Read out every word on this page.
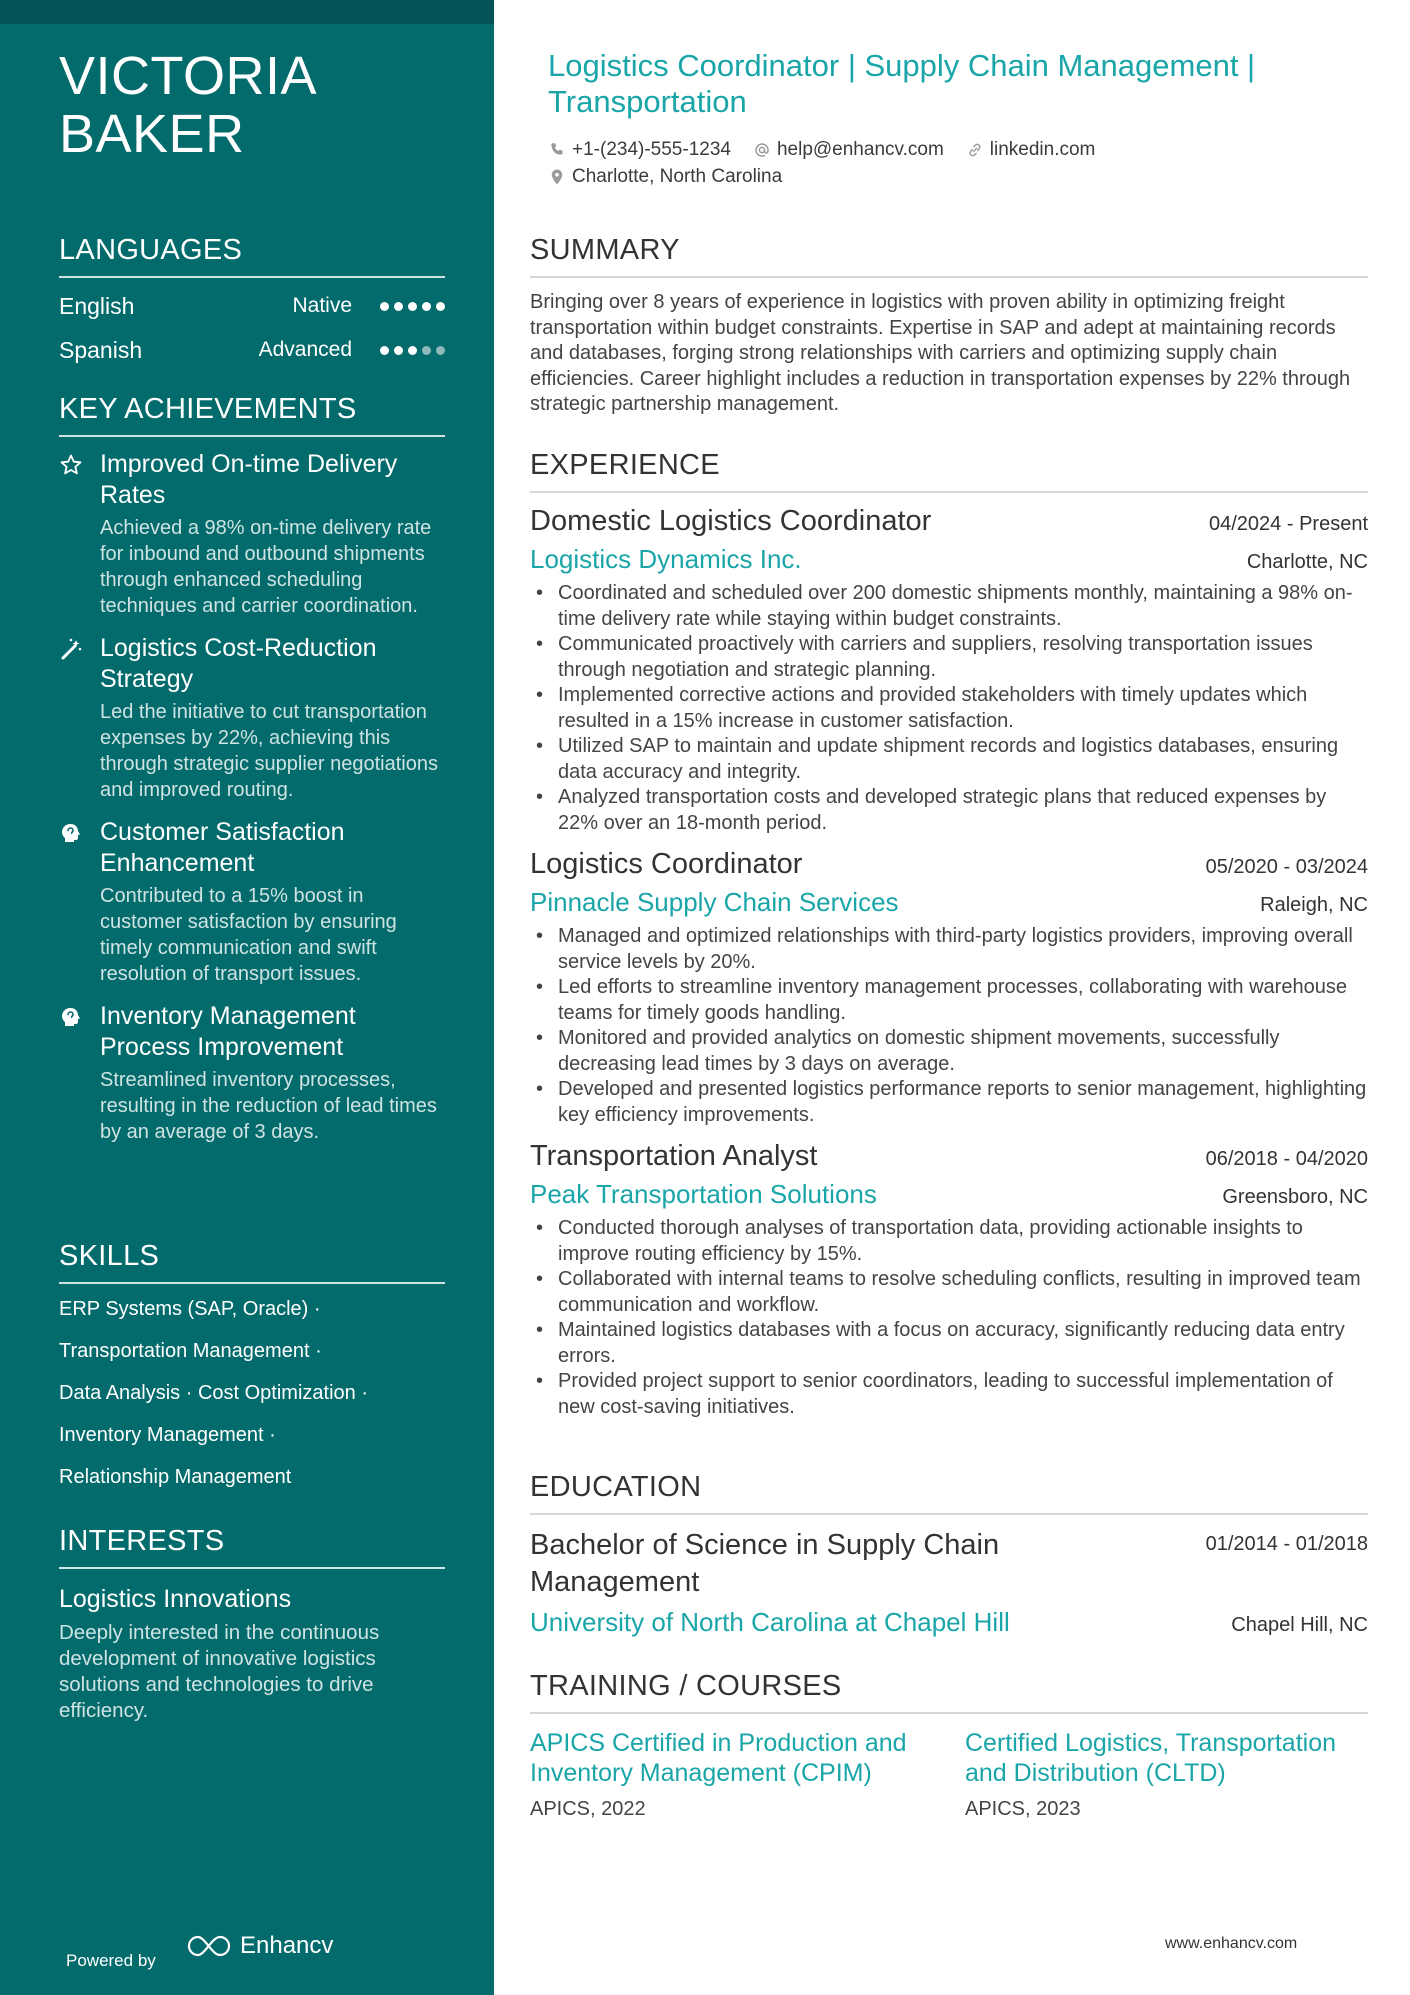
VICTORIA
BAKER
LANGUAGES
English	Native
Spanish	Advanced
KEY ACHIEVEMENTS
Improved On-time Delivery Rates
Achieved a 98% on-time delivery rate for inbound and outbound shipments through enhanced scheduling techniques and carrier coordination.
Logistics Cost-Reduction Strategy
Led the initiative to cut transportation expenses by 22%, achieving this through strategic supplier negotiations and improved routing.
Customer Satisfaction Enhancement
Contributed to a 15% boost in customer satisfaction by ensuring timely communication and swift resolution of transport issues.
Inventory Management Process Improvement
Streamlined inventory processes, resulting in the reduction of lead times by an average of 3 days.
SKILLS
ERP Systems (SAP, Oracle) ·
Transportation Management ·
Data Analysis · Cost Optimization ·
Inventory Management ·
Relationship Management
INTERESTS
Logistics Innovations
Deeply interested in the continuous development of innovative logistics solutions and technologies to drive efficiency.
Powered by
Enhancv
Logistics Coordinator | Supply Chain Management | Transportation
+1-(234)-555-1234 help@enhancv.com linkedin.com
Charlotte, North Carolina
SUMMARY
Bringing over 8 years of experience in logistics with proven ability in optimizing freight transportation within budget constraints. Expertise in SAP and adept at maintaining records and databases, forging strong relationships with carriers and optimizing supply chain efficiencies. Career highlight includes a reduction in transportation expenses by 22% through strategic partnership management.
EXPERIENCE
Domestic Logistics Coordinator	04/2024 - Present
Logistics Dynamics Inc.	Charlotte, NC
• Coordinated and scheduled over 200 domestic shipments monthly, maintaining a 98% on-time delivery rate while staying within budget constraints.
• Communicated proactively with carriers and suppliers, resolving transportation issues through negotiation and strategic planning.
• Implemented corrective actions and provided stakeholders with timely updates which resulted in a 15% increase in customer satisfaction.
• Utilized SAP to maintain and update shipment records and logistics databases, ensuring data accuracy and integrity.
• Analyzed transportation costs and developed strategic plans that reduced expenses by 22% over an 18-month period.
Logistics Coordinator	05/2020 - 03/2024
Pinnacle Supply Chain Services	Raleigh, NC
• Managed and optimized relationships with third-party logistics providers, improving overall service levels by 20%.
• Led efforts to streamline inventory management processes, collaborating with warehouse teams for timely goods handling.
• Monitored and provided analytics on domestic shipment movements, successfully decreasing lead times by 3 days on average.
• Developed and presented logistics performance reports to senior management, highlighting key efficiency improvements.
Transportation Analyst	06/2018 - 04/2020
Peak Transportation Solutions	Greensboro, NC
• Conducted thorough analyses of transportation data, providing actionable insights to improve routing efficiency by 15%.
• Collaborated with internal teams to resolve scheduling conflicts, resulting in improved team communication and workflow.
• Maintained logistics databases with a focus on accuracy, significantly reducing data entry errors.
• Provided project support to senior coordinators, leading to successful implementation of new cost-saving initiatives.
EDUCATION
Bachelor of Science in Supply Chain Management
01/2014 - 01/2018
University of North Carolina at Chapel Hill	Chapel Hill, NC
TRAINING / COURSES
APICS Certified in Production and Inventory Management (CPIM)
APICS, 2022
Certified Logistics, Transportation and Distribution (CLTD)
APICS, 2023
www.enhancv.com
